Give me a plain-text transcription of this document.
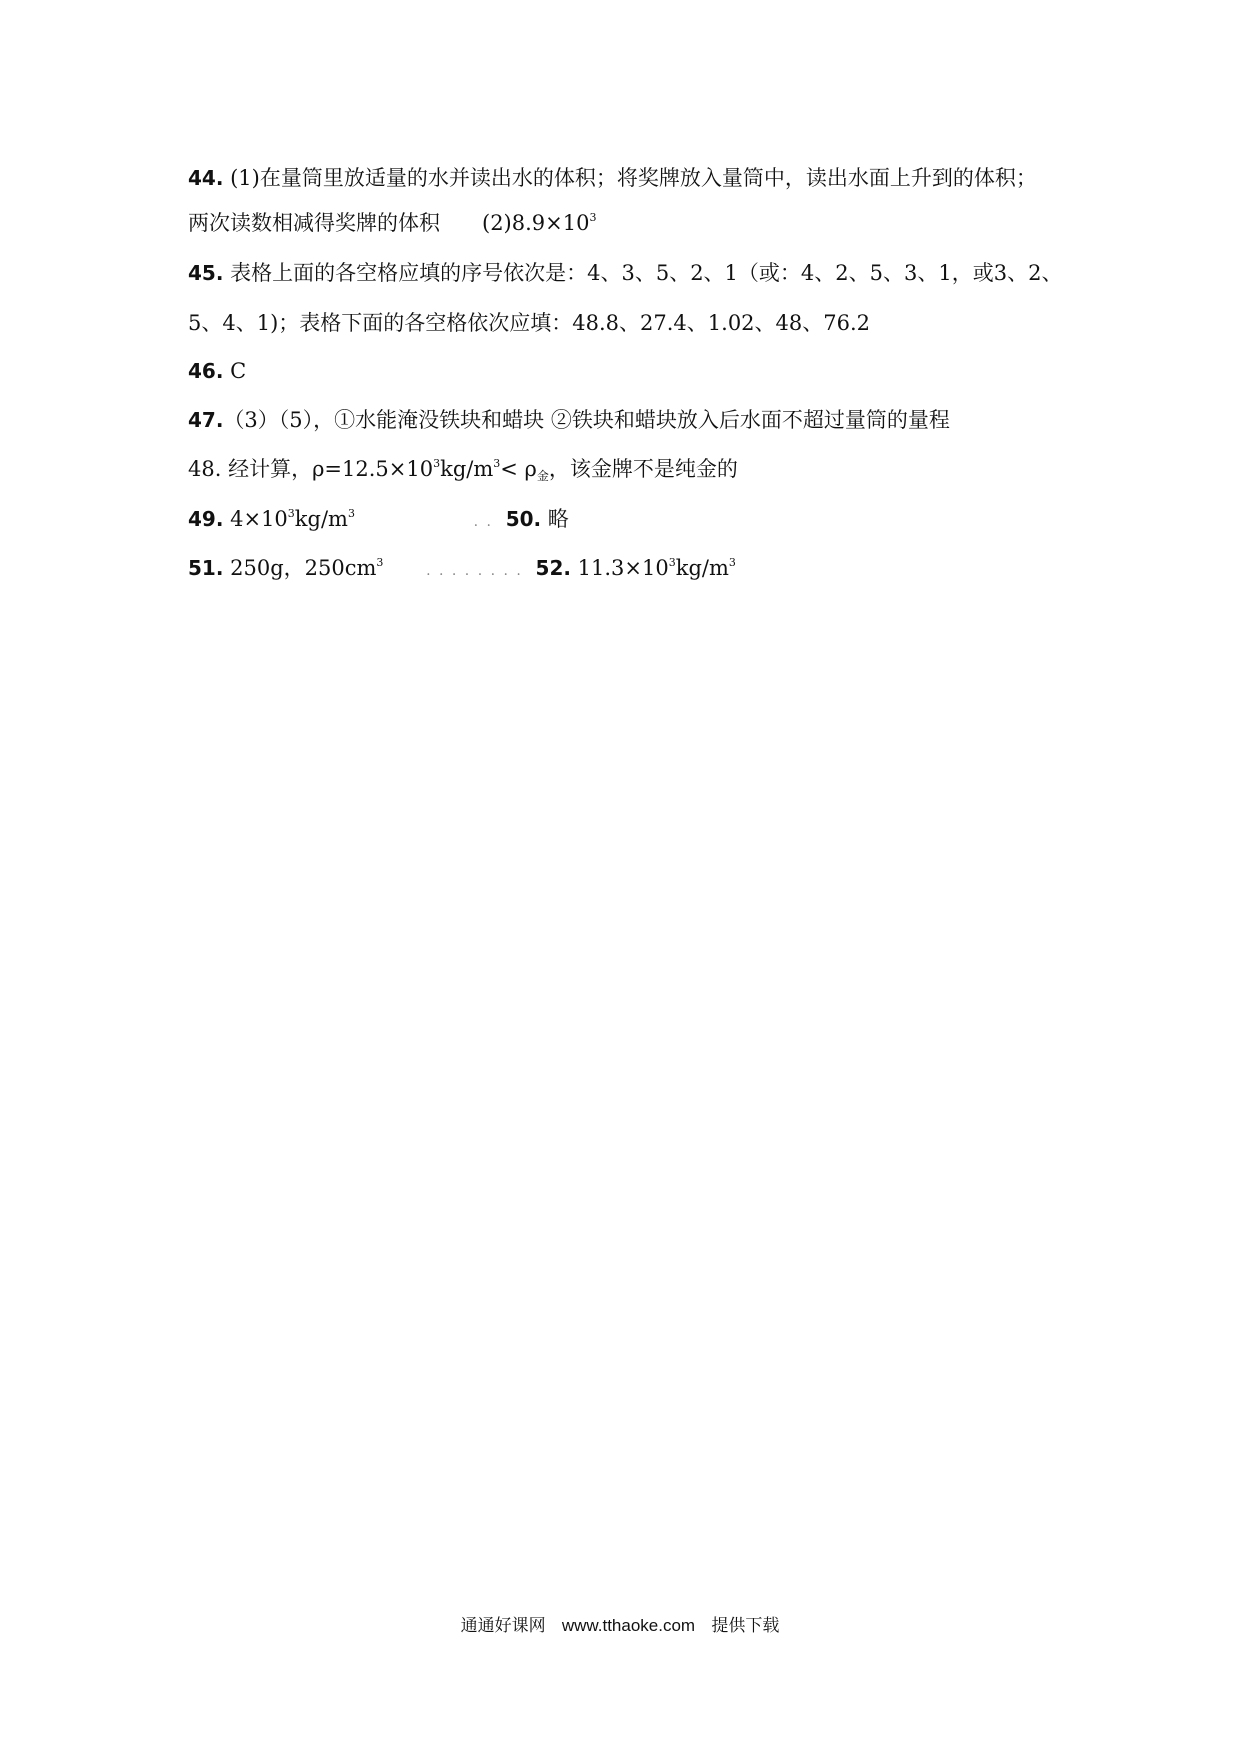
44. (1)在量筒里放适量的水并读出水的体积；将奖牌放入量筒中，读出水面上升到的体积；
两次读数相减得奖牌的体积　　$(2)8.9\times 10^3$
45. 表格上面的各空格应填的序号依次是：4、3、5、2、1（或：4、2、5、3、1，或3、2、
5、4、1)；表格下面的各空格依次应填：48.8、27.4、1.02、48、76.2
46. C
47.（3）（5），①水能淹没铁块和蜡块 ②铁块和蜡块放入后水面不超过量筒的量程
48. 经计算，$\rho=12.5\times 10^3kg/m^3< \rho_金$，该金牌不是纯金的
49. $4\times 10^3kg/m^3$ . . 50. 略
51. 250g，$250cm^3$ . . . . . . . . 52. $11.3\times 10^3kg/m^3$
通通好课网 www.tthaoke.com 提供下载
